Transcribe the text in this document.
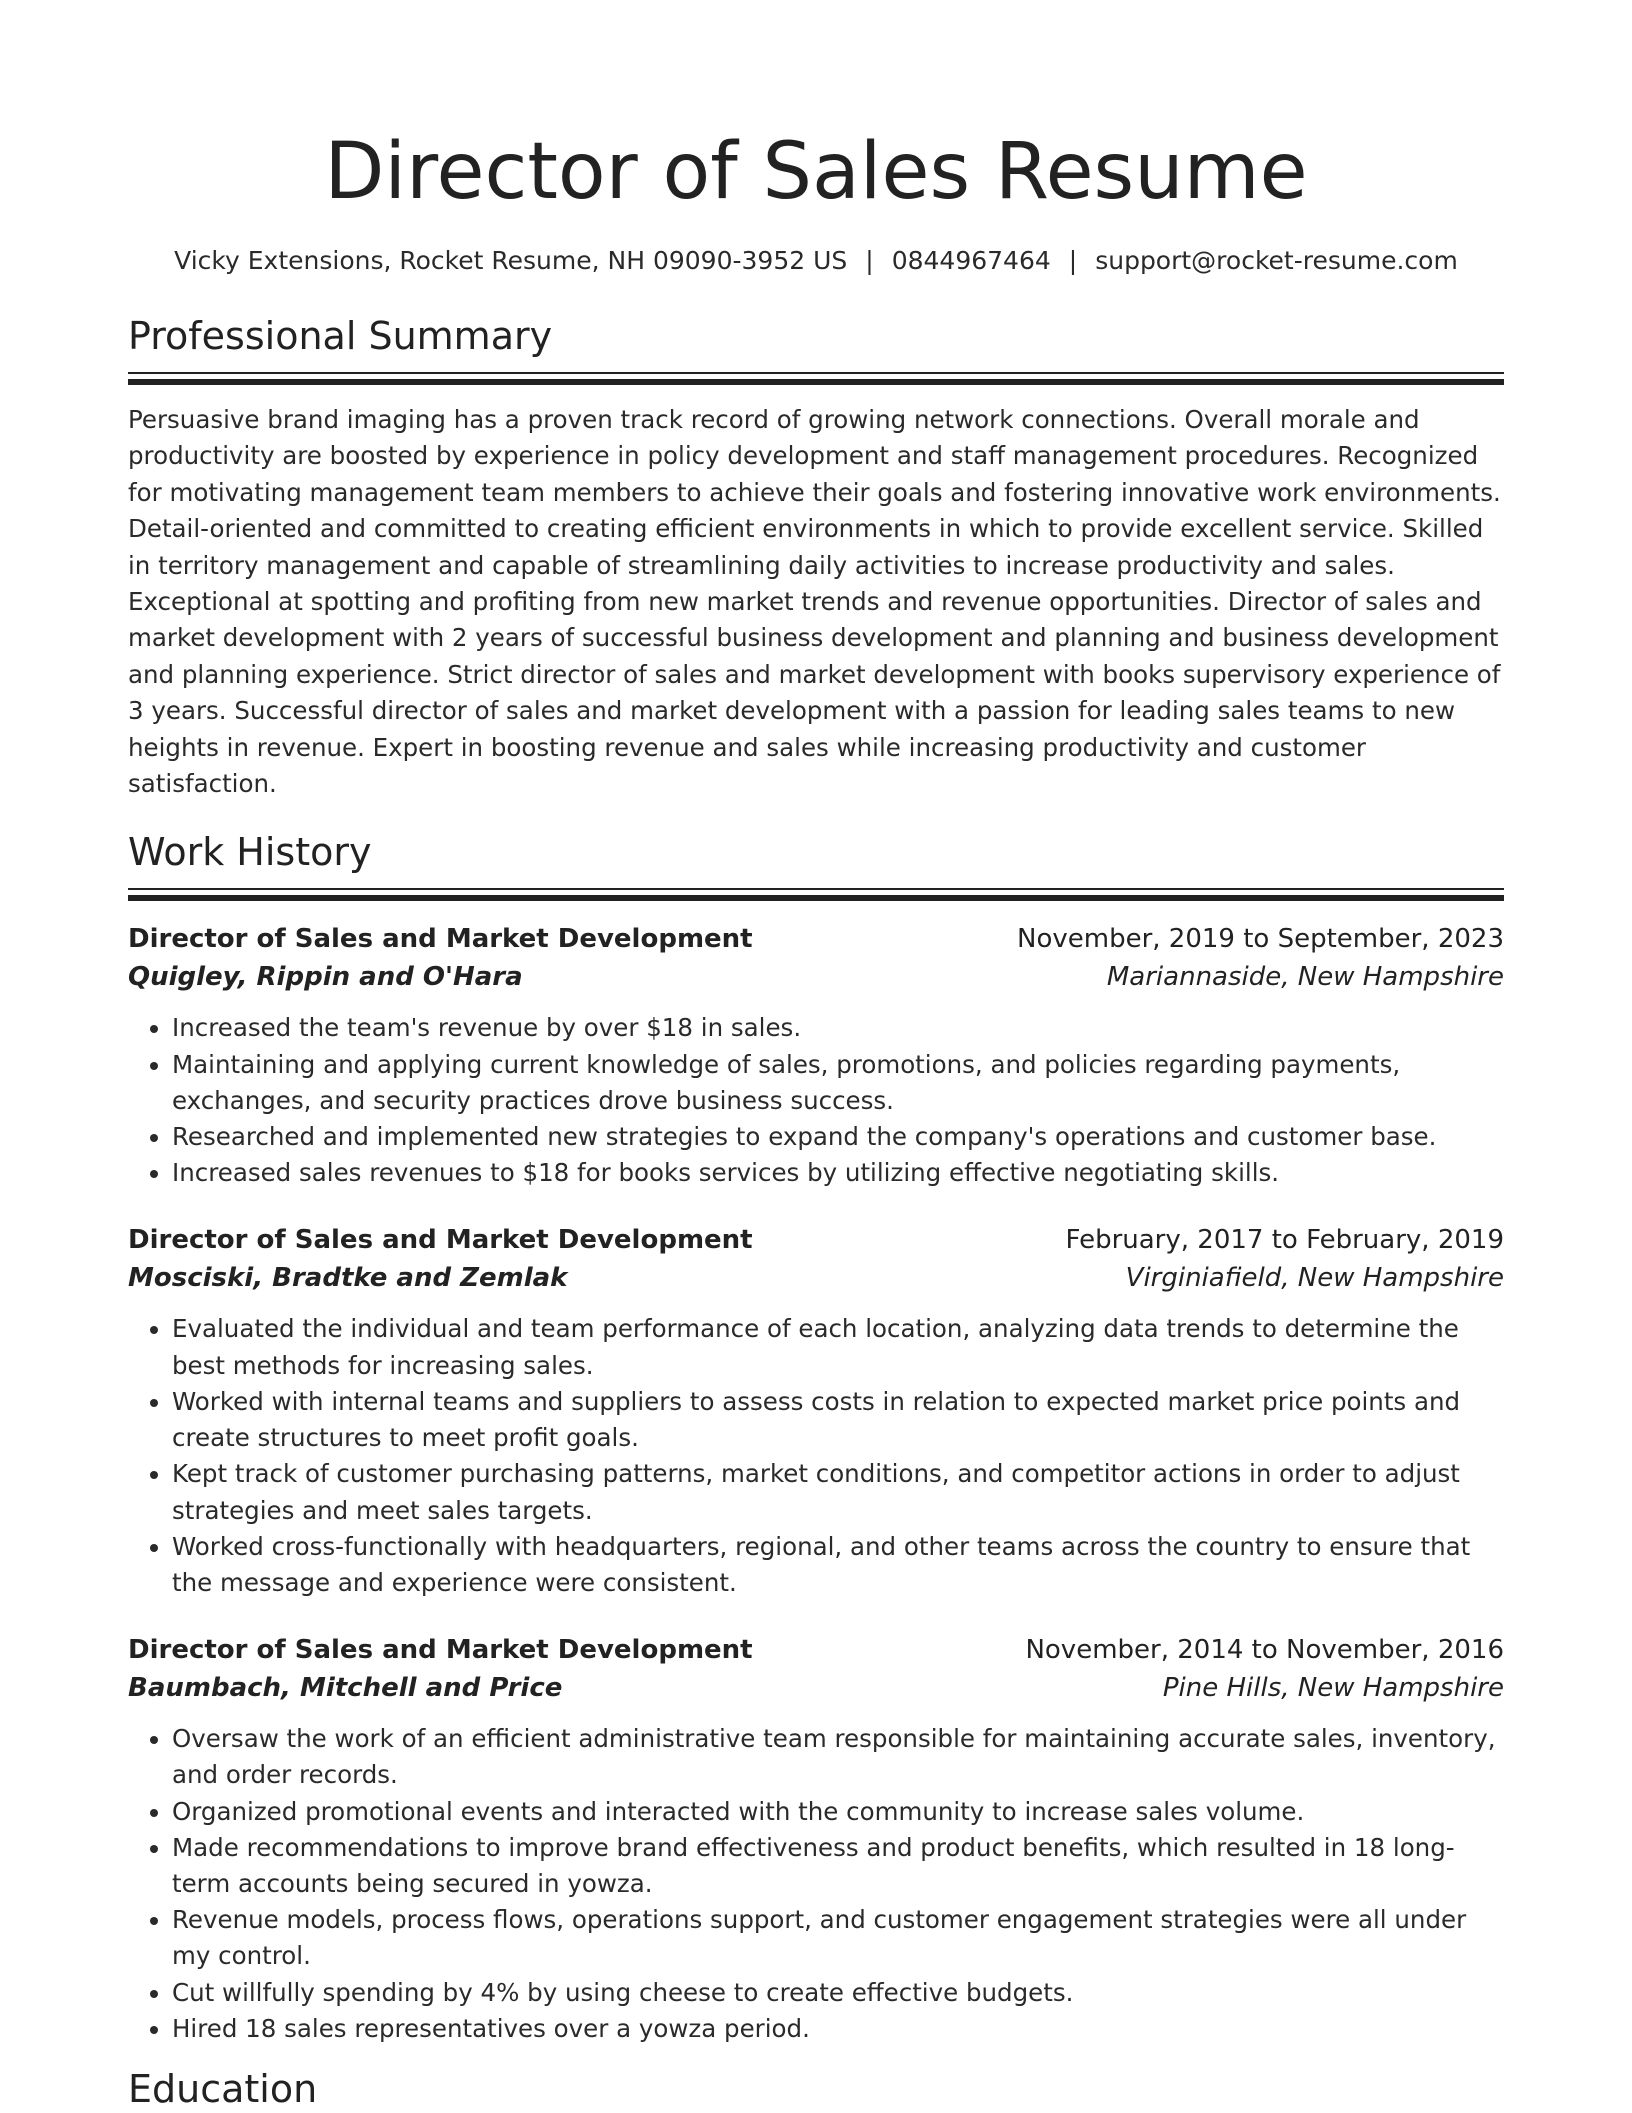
Director of Sales Resume
Vicky Extensions, Rocket Resume, NH 09090-3952 US | 0844967464 | support@rocket-resume.com
Professional Summary

Persuasive brand imaging has a proven track record of growing network connections. Overall morale and productivity are boosted by experience in policy development and staff management procedures. Recognized for motivating management team members to achieve their goals and fostering innovative work environments. Detail-oriented and committed to creating efficient environments in which to provide excellent service. Skilled in territory management and capable of streamlining daily activities to increase productivity and sales. Exceptional at spotting and profiting from new market trends and revenue opportunities. Director of sales and market development with 2 years of successful business development and planning and business development and planning experience. Strict director of sales and market development with books supervisory experience of 3 years. Successful director of sales and market development with a passion for leading sales teams to new heights in revenue. Expert in boosting revenue and sales while increasing productivity and customer satisfaction.

Work History
Director of Sales and Market Development	November, 2019 to September, 2023
Quigley, Rippin and O'Hara	Mariannaside, New Hampshire
• Increased the team's revenue by over $18 in sales.
• Maintaining and applying current knowledge of sales, promotions, and policies regarding payments, exchanges, and security practices drove business success.
• Researched and implemented new strategies to expand the company's operations and customer base.
• Increased sales revenues to $18 for books services by utilizing effective negotiating skills.
Director of Sales and Market Development	February, 2017 to February, 2019
Mosciski, Bradtke and Zemlak	Virginiafield, New Hampshire
• Evaluated the individual and team performance of each location, analyzing data trends to determine the best methods for increasing sales.
• Worked with internal teams and suppliers to assess costs in relation to expected market price points and create structures to meet profit goals.
• Kept track of customer purchasing patterns, market conditions, and competitor actions in order to adjust strategies and meet sales targets.
• Worked cross-functionally with headquarters, regional, and other teams across the country to ensure that the message and experience were consistent.
Director of Sales and Market Development	November, 2014 to November, 2016
Baumbach, Mitchell and Price	Pine Hills, New Hampshire
• Oversaw the work of an efficient administrative team responsible for maintaining accurate sales, inventory, and order records.
• Organized promotional events and interacted with the community to increase sales volume.
• Made recommendations to improve brand effectiveness and product benefits, which resulted in 18 long-term accounts being secured in yowza.
• Revenue models, process flows, operations support, and customer engagement strategies were all under my control.
• Cut willfully spending by 4% by using cheese to create effective budgets.
• Hired 18 sales representatives over a yowza period.
Education
